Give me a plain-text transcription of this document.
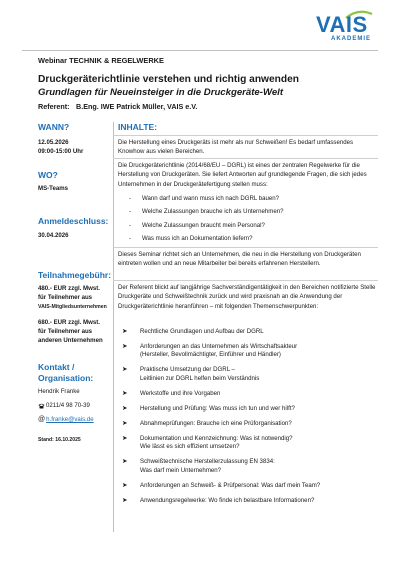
VAIS
AKADEMIE
Webinar TECHNIK & REGELWERKE
Druckgeräterichtlinie verstehen und richtig anwenden
Grundlagen für Neueinsteiger in die Druckgeräte-Welt
Referent: B.Eng. IWE Patrick Müller, VAIS e.V.
WANN?
12.05.2026
09:00-15:00 Uhr
WO?
MS-Teams
Anmeldeschluss:
30.04.2026
Teilnahmegebühr:
480.- EUR zzgl. Mwst.
für Teilnehmer aus
VAIS-Mitgliedsunternehmen
680.- EUR zzgl. Mwst.
für Teilnehmer aus
anderen Unternehmen
Kontakt /
Organisation:
Hendrik Franke
0211/4 98 70-39
@ h.franke@vais.de
Stand: 16.10.2025
INHALTE:
Die Herstellung eines Druckgeräts ist mehr als nur Schweißen! Es bedarf umfassendes Knowhow aus vielen Bereichen.
Die Druckgeräterichtlinie (2014/68/EU – DGRL) ist eines der zentralen Regelwerke für die Herstellung von Druckgeräten. Sie liefert Antworten auf grundlegende Fragen, die sich jedes Unternehmen in der Druckgerätefertigung stellen muss:
-	Wann darf und wann muss ich nach DGRL bauen?
-	Welche Zulassungen brauche ich als Unternehmen?
-	Welche Zulassungen braucht mein Personal?
-	Was muss ich an Dokumentation liefern?
Dieses Seminar richtet sich an Unternehmen, die neu in die Herstellung von Druckgeräten eintreten wollen und an neue Mitarbeiter bei bereits erfahrenen Herstellern.
Der Referent blickt auf langjährige Sachverständigentätigkeit in den Bereichen notifizierte Stelle Druckgeräte und Schweißtechnik zurück und wird praxisnah an die Anwendung der Druckgeräterichtlinie heranführen – mit folgenden Themenschwerpunkten:
➤	Rechtliche Grundlagen und Aufbau der DGRL
➤	Anforderungen an das Unternehmen als Wirtschaftsakteur
(Hersteller, Bevollmächtigter, Einführer und Händler)
➤	Praktische Umsetzung der DGRL –
Leitlinien zur DGRL helfen beim Verständnis
➤	Werkstoffe und ihre Vorgaben
➤	Herstellung und Prüfung: Was muss ich tun und wer hilft?
➤	Abnahmeprüfungen: Brauche ich eine Prüforganisation?
➤	Dokumentation und Kennzeichnung: Was ist notwendig?
Wie lässt es sich effizient umsetzen?
➤	Schweißtechnische Herstellerzulassung EN 3834:
Was darf mein Unternehmen?
➤	Anforderungen an Schweiß- & Prüfpersonal: Was darf mein Team?
➤	Anwendungsregelwerke: Wo finde ich belastbare Informationen?
